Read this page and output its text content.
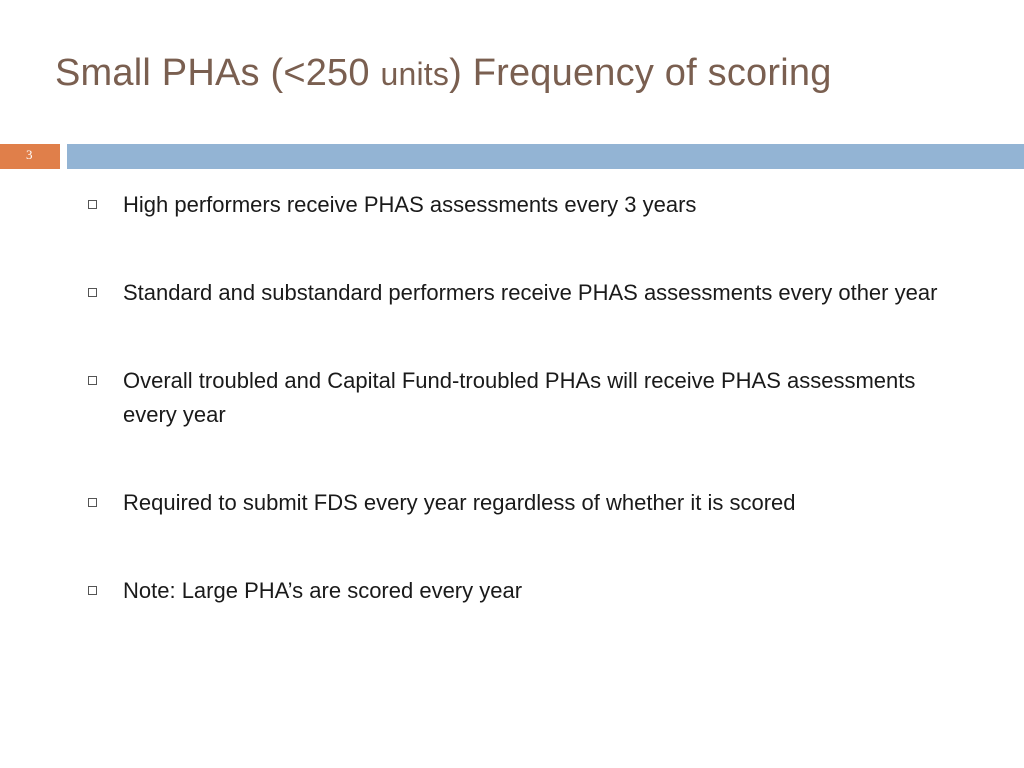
Small PHAs (<250 units) Frequency of scoring
3
High performers receive PHAS assessments every 3 years
Standard and substandard performers receive PHAS assessments every other year
Overall troubled and Capital Fund-troubled PHAs will receive PHAS assessments every year
Required to submit FDS every year regardless of whether it is scored
Note: Large PHA’s are scored every year
